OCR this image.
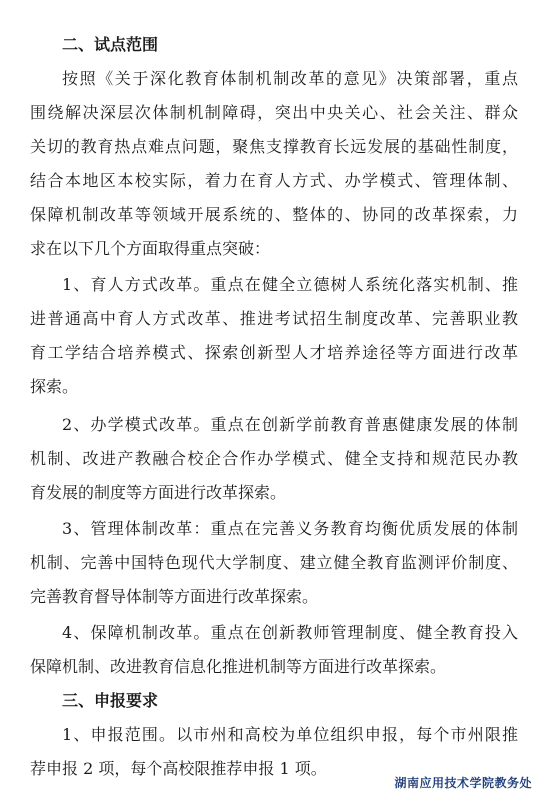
二、试点范围
按照《关于深化教育体制机制改革的意见》决策部署，重点
围绕解决深层次体制机制障碍，突出中央关心、社会关注、群众
关切的教育热点难点问题，聚焦支撑教育长远发展的基础性制度，
结合本地区本校实际，着力在育人方式、办学模式、管理体制、
保障机制改革等领域开展系统的、整体的、协同的改革探索，力
求在以下几个方面取得重点突破：
1、育人方式改革。重点在健全立德树人系统化落实机制、推
进普通高中育人方式改革、推进考试招生制度改革、完善职业教
育工学结合培养模式、探索创新型人才培养途径等方面进行改革
探索。
2、办学模式改革。重点在创新学前教育普惠健康发展的体制
机制、改进产教融合校企合作办学模式、健全支持和规范民办教
育发展的制度等方面进行改革探索。
3、管理体制改革：重点在完善义务教育均衡优质发展的体制
机制、完善中国特色现代大学制度、建立健全教育监测评价制度、
完善教育督导体制等方面进行改革探索。
4、保障机制改革。重点在创新教师管理制度、健全教育投入
保障机制、改进教育信息化推进机制等方面进行改革探索。
三、申报要求
1、申报范围。以市州和高校为单位组织申报，每个市州限推
荐申报 2 项，每个高校限推荐申报 1 项。
湖南应用技术学院教务处
